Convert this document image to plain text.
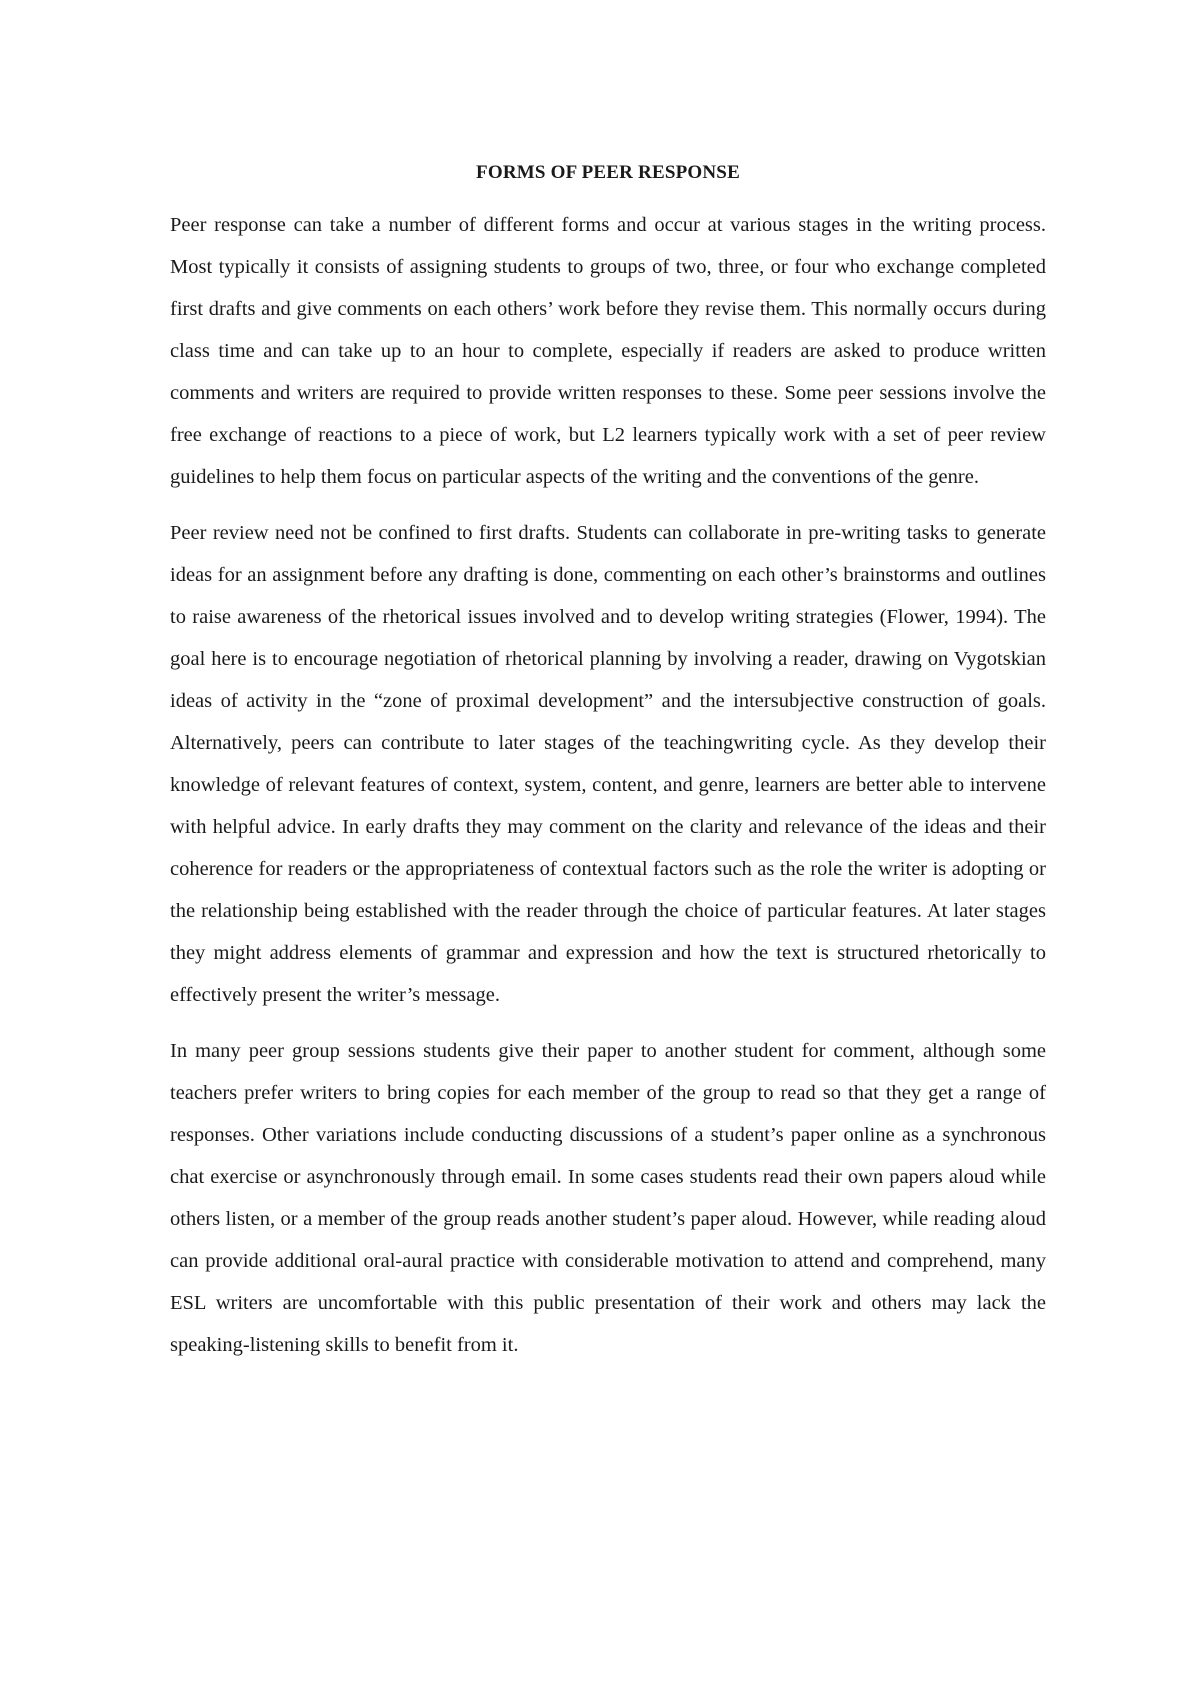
FORMS OF PEER RESPONSE

Peer response can take a number of different forms and occur at various stages in the writing process. Most typically it consists of assigning students to groups of two, three, or four who exchange completed first drafts and give comments on each others’ work before they revise them. This normally occurs during class time and can take up to an hour to complete, especially if readers are asked to produce written comments and writers are required to provide written responses to these. Some peer sessions involve the free exchange of reactions to a piece of work, but L2 learners typically work with a set of peer review guidelines to help them focus on particular aspects of the writing and the conventions of the genre.

Peer review need not be confined to first drafts. Students can collaborate in pre-writing tasks to generate ideas for an assignment before any drafting is done, commenting on each other’s brainstorms and outlines to raise awareness of the rhetorical issues involved and to develop writing strategies (Flower, 1994). The goal here is to encourage negotiation of rhetorical planning by involving a reader, drawing on Vygotskian ideas of activity in the “zone of proximal development” and the intersubjective construction of goals. Alternatively, peers can contribute to later stages of the teachingwriting cycle. As they develop their knowledge of relevant features of context, system, content, and genre, learners are better able to intervene with helpful advice. In early drafts they may comment on the clarity and relevance of the ideas and their coherence for readers or the appropriateness of contextual factors such as the role the writer is adopting or the relationship being established with the reader through the choice of particular features. At later stages they might address elements of grammar and expression and how the text is structured rhetorically to effectively present the writer’s message.

In many peer group sessions students give their paper to another student for comment, although some teachers prefer writers to bring copies for each member of the group to read so that they get a range of responses. Other variations include conducting discussions of a student’s paper online as a synchronous chat exercise or asynchronously through email. In some cases students read their own papers aloud while others listen, or a member of the group reads another student’s paper aloud. However, while reading aloud can provide additional oral-aural practice with considerable motivation to attend and comprehend, many ESL writers are uncomfortable with this public presentation of their work and others may lack the speaking-listening skills to benefit from it.
